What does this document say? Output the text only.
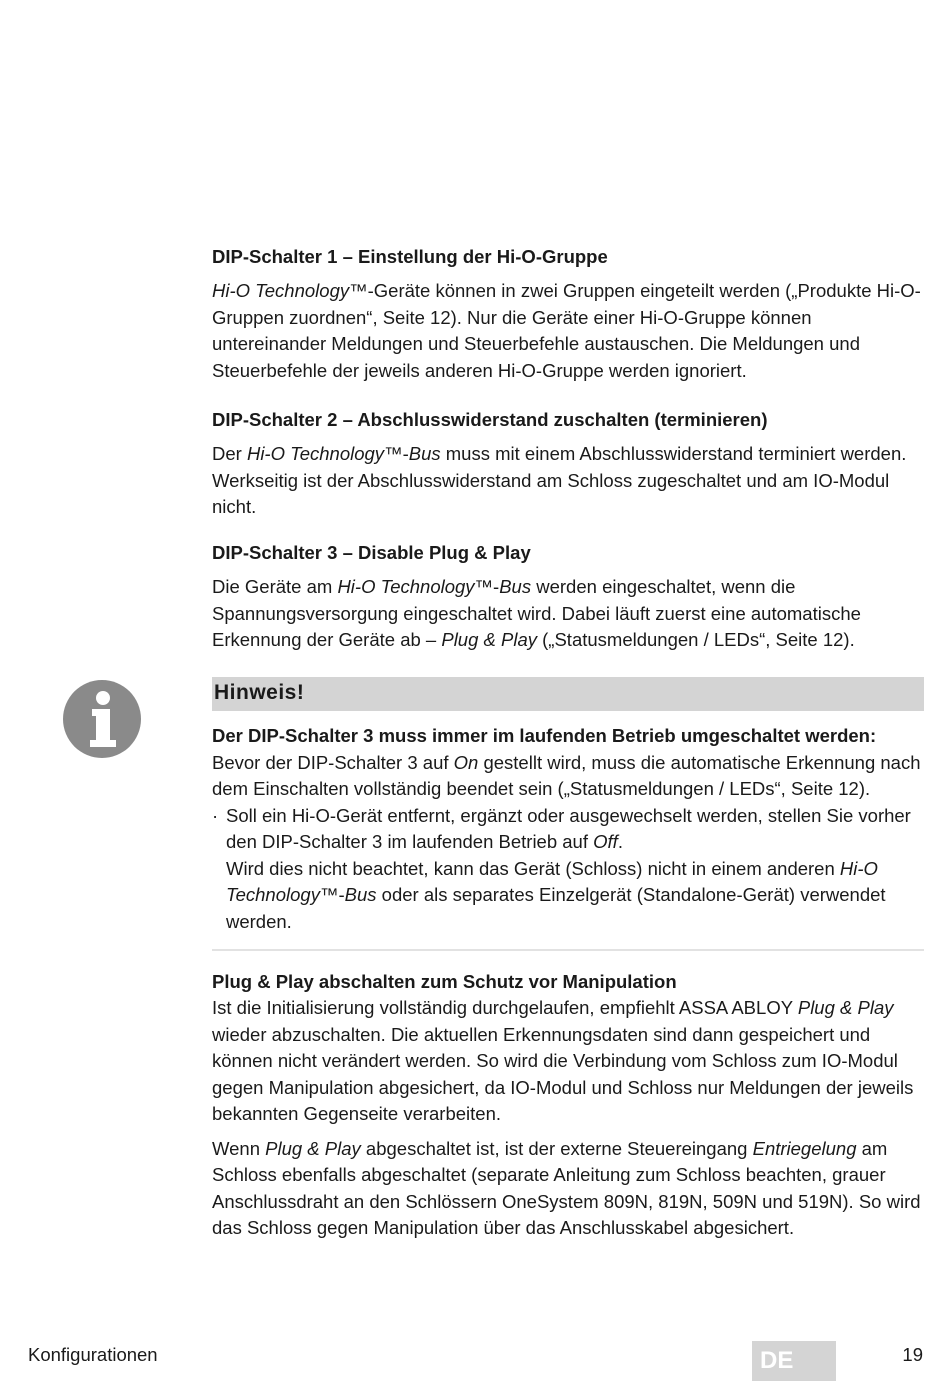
DIP-Schalter 1 – Einstellung der Hi-O-Gruppe

Hi-O Technology™-Geräte können in zwei Gruppen eingeteilt werden („Produkte Hi-O-Gruppen zuordnen“, Seite 12). Nur die Geräte einer Hi-O-Gruppe können untereinander Meldungen und Steuerbefehle austauschen. Die Meldungen und Steuerbefehle der jeweils anderen Hi-O-Gruppe werden ignoriert.

DIP-Schalter 2 – Abschlusswiderstand zuschalten (terminieren)

Der Hi-O Technology™-Bus muss mit einem Abschlusswiderstand terminiert werden. Werkseitig ist der Abschlusswiderstand am Schloss zugeschaltet und am IO-Modul nicht.

DIP-Schalter 3 – Disable Plug & Play

Die Geräte am Hi-O Technology™-Bus werden eingeschaltet, wenn die Spannungsversorgung eingeschaltet wird. Dabei läuft zuerst eine automatische Erkennung der Geräte ab – Plug & Play („Statusmeldungen / LEDs“, Seite 12).

Hinweis!

Der DIP-Schalter 3 muss immer im laufenden Betrieb umgeschaltet werden:

Bevor der DIP-Schalter 3 auf On gestellt wird, muss die automatische Erkennung nach dem Einschalten vollständig beendet sein („Statusmeldungen / LEDs“, Seite 12).

· Soll ein Hi-O-Gerät entfernt, ergänzt oder ausgewechselt werden, stellen Sie vorher den DIP-Schalter 3 im laufenden Betrieb auf Off.
Wird dies nicht beachtet, kann das Gerät (Schloss) nicht in einem anderen Hi-O Technology™-Bus oder als separates Einzelgerät (Standalone-Gerät) verwendet werden.

Plug & Play abschalten zum Schutz vor Manipulation

Ist die Initialisierung vollständig durchgelaufen, empfiehlt ASSA ABLOY Plug & Play wieder abzuschalten. Die aktuellen Erkennungsdaten sind dann gespeichert und können nicht verändert werden. So wird die Verbindung vom Schloss zum IO-Modul gegen Manipulation abgesichert, da IO-Modul und Schloss nur Meldungen der jeweils bekannten Gegenseite verarbeiten.

Wenn Plug & Play abgeschaltet ist, ist der externe Steuereingang Entriegelung am Schloss ebenfalls abgeschaltet (separate Anleitung zum Schloss beachten, grauer Anschlussdraht an den Schlössern OneSystem 809N, 819N, 509N und 519N). So wird das Schloss gegen Manipulation über das Anschlusskabel abgesichert.

Konfigurationen	DE	19
